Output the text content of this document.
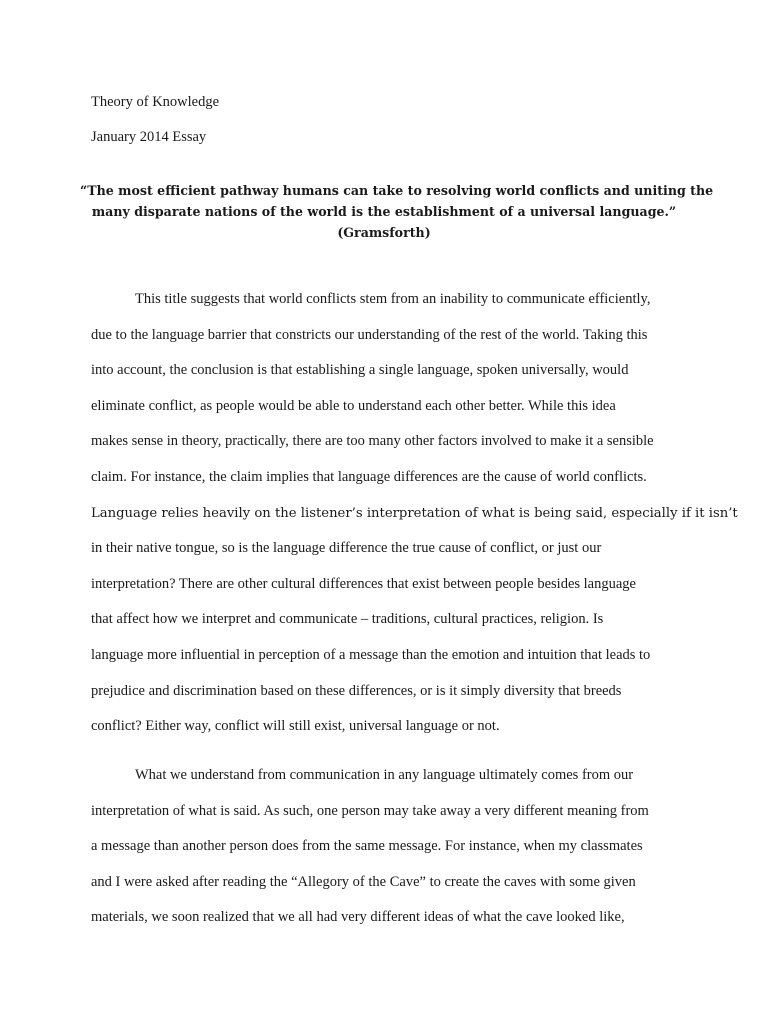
Theory of Knowledge

January 2014 Essay

“The most efficient pathway humans can take to resolving world conflicts and uniting the
many disparate nations of the world is the establishment of a universal language.”
(Gramsforth)
This title suggests that world conflicts stem from an inability to communicate efficiently,
due to the language barrier that constricts our understanding of the rest of the world. Taking this
into account, the conclusion is that establishing a single language, spoken universally, would
eliminate conflict, as people would be able to understand each other better. While this idea
makes sense in theory, practically, there are too many other factors involved to make it a sensible
claim. For instance, the claim implies that language differences are the cause of world conflicts.
Language relies heavily on the listener’s interpretation of what is being said, especially if it isn’t
in their native tongue, so is the language difference the true cause of conflict, or just our
interpretation? There are other cultural differences that exist between people besides language
that affect how we interpret and communicate – traditions, cultural practices, religion. Is
language more influential in perception of a message than the emotion and intuition that leads to
prejudice and discrimination based on these differences, or is it simply diversity that breeds
conflict? Either way, conflict will still exist, universal language or not.
What we understand from communication in any language ultimately comes from our
interpretation of what is said. As such, one person may take away a very different meaning from
a message than another person does from the same message. For instance, when my classmates
and I were asked after reading the “Allegory of the Cave” to create the caves with some given
materials, we soon realized that we all had very different ideas of what the cave looked like,
